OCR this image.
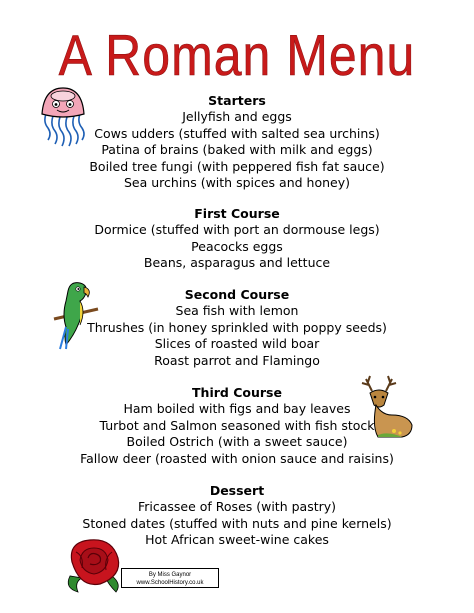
A Roman Menu
Starters
Jellyfish and eggs
Cows udders (stuffed with salted sea urchins)
Patina of brains (baked with milk and eggs)
Boiled tree fungi (with peppered fish fat sauce)
Sea urchins (with spices and honey)
First Course
Dormice (stuffed with port an dormouse legs)
Peacocks eggs
Beans, asparagus and lettuce
Second Course
Sea fish with lemon
Thrushes (in honey sprinkled with poppy seeds)
Slices of roasted wild boar
Roast parrot and Flamingo
Third Course
Ham boiled with figs and bay leaves
Turbot and Salmon seasoned with fish stock
Boiled Ostrich (with a sweet sauce)
Fallow deer (roasted with onion sauce and raisins)
Dessert
Fricassee of Roses (with pastry)
Stoned dates (stuffed with nuts and pine kernels)
Hot African sweet-wine cakes
By Miss Gaynor
www.SchoolHistory.co.uk
